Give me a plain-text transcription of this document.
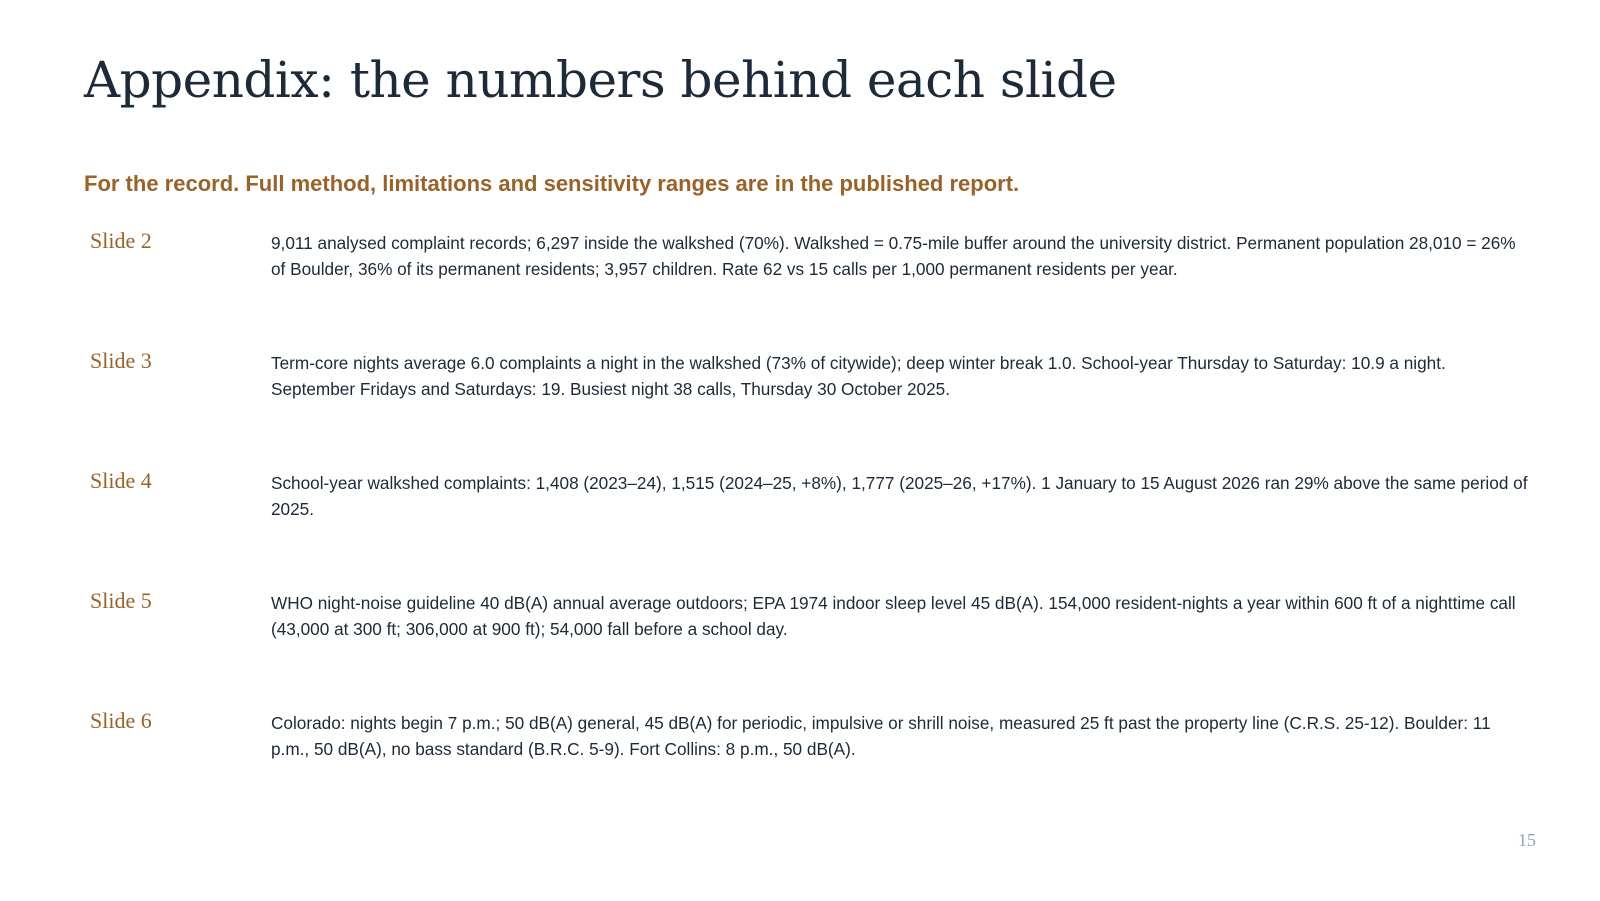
Appendix: the numbers behind each slide
For the record. Full method, limitations and sensitivity ranges are in the published report.
Slide 2	9,011 analysed complaint records; 6,297 inside the walkshed (70%). Walkshed = 0.75-mile buffer around the university district. Permanent population 28,010 = 26% of Boulder, 36% of its permanent residents; 3,957 children. Rate 62 vs 15 calls per 1,000 permanent residents per year.

Slide 3	Term-core nights average 6.0 complaints a night in the walkshed (73% of citywide); deep winter break 1.0. School-year Thursday to Saturday: 10.9 a night. September Fridays and Saturdays: 19. Busiest night 38 calls, Thursday 30 October 2025.

Slide 4	School-year walkshed complaints: 1,408 (2023–24), 1,515 (2024–25, +8%), 1,777 (2025–26, +17%). 1 January to 15 August 2026 ran 29% above the same period of 2025.

Slide 5	WHO night-noise guideline 40 dB(A) annual average outdoors; EPA 1974 indoor sleep level 45 dB(A). 154,000 resident-nights a year within 600 ft of a nighttime call (43,000 at 300 ft; 306,000 at 900 ft); 54,000 fall before a school day.

Slide 6	Colorado: nights begin 7 p.m.; 50 dB(A) general, 45 dB(A) for periodic, impulsive or shrill noise, measured 25 ft past the property line (C.R.S. 25-12). Boulder: 11 p.m., 50 dB(A), no bass standard (B.R.C. 5-9). Fort Collins: 8 p.m., 50 dB(A).

15
